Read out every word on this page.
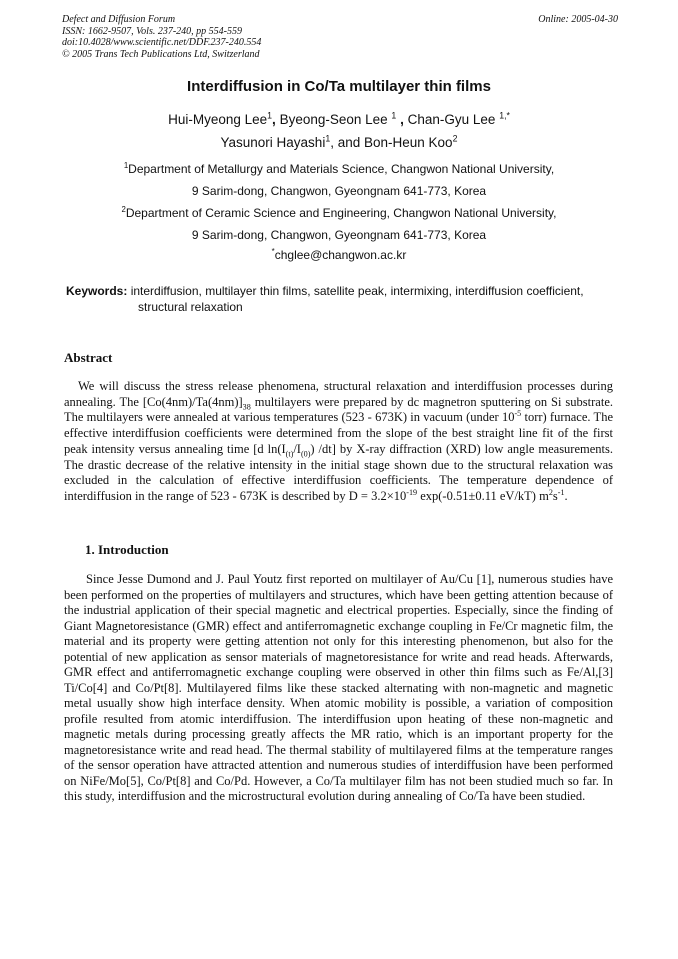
Defect and Diffusion Forum
ISSN: 1662-9507, Vols. 237-240, pp 554-559
doi:10.4028/www.scientific.net/DDF.237-240.554
© 2005 Trans Tech Publications Ltd, Switzerland
Online: 2005-04-30
Interdiffusion in Co/Ta multilayer thin films
Hui-Myeong Lee$^1$, Byeong-Seon Lee $^1$ , Chan-Gyu Lee $^{1,*}$
Yasunori Hayashi$^1$, and Bon-Heun Koo$^2$
$^1$Department of Metallurgy and Materials Science, Changwon National University,
9 Sarim-dong, Changwon, Gyeongnam 641-773, Korea
$^2$Department of Ceramic Science and Engineering, Changwon National University,
9 Sarim-dong, Changwon, Gyeongnam 641-773, Korea
*chglee@changwon.ac.kr
Keywords: interdiffusion, multilayer thin films, satellite peak, intermixing, interdiffusion coefficient,
structural relaxation
Abstract
We will discuss the stress release phenomena, structural relaxation and interdiffusion processes during annealing. The $[Co(4nm)/Ta(4nm)]_{38}$ multilayers were prepared by dc magnetron sputtering on Si substrate. The multilayers were annealed at various temperatures (523 - 673K) in vacuum (under $10^{-5}$ torr) furnace. The effective interdiffusion coefficients were determined from the slope of the best straight line fit of the first peak intensity versus annealing time [d $\ln(I_{(t)}/I_{(0)})$ /dt] by X-ray diffraction (XRD) low angle measurements. The drastic decrease of the relative intensity in the initial stage shown due to the structural relaxation was excluded in the calculation of effective interdiffusion coefficients. The temperature dependence of interdiffusion in the range of 523 - 673K is described by $D = 3.2\times 10^{-19}$ exp(-0.51±0.11 eV/kT) $m^2s^{-1}$.
1. Introduction
Since Jesse Dumond and J. Paul Youtz first reported on multilayer of Au/Cu [1], numerous studies have been performed on the properties of multilayers and structures, which have been getting attention because of the industrial application of their special magnetic and electrical properties. Especially, since the finding of Giant Magnetoresistance (GMR) effect and antiferromagnetic exchange coupling in Fe/Cr magnetic film, the material and its property were getting attention not only for this interesting phenomenon, but also for the potential of new application as sensor materials of magnetoresistance for write and read heads. Afterwards, GMR effect and antiferromagnetic exchange coupling were observed in other thin films such as Fe/Al,[3] Ti/Co[4] and Co/Pt[8]. Multilayered films like these stacked alternating with non-magnetic and magnetic metal usually show high interface density. When atomic mobility is possible, a variation of composition profile resulted from atomic interdiffusion. The interdiffusion upon heating of these non-magnetic and magnetic metals during processing greatly affects the MR ratio, which is an important property for the magnetoresistance write and read head. The thermal stability of multilayered films at the temperature ranges of the sensor operation have attracted attention and numerous studies of interdiffusion have been performed on NiFe/Mo[5], Co/Pt[8] and Co/Pd. However, a Co/Ta multilayer film has not been studied much so far. In this study, interdiffusion and the microstructural evolution during annealing of Co/Ta have been studied.
